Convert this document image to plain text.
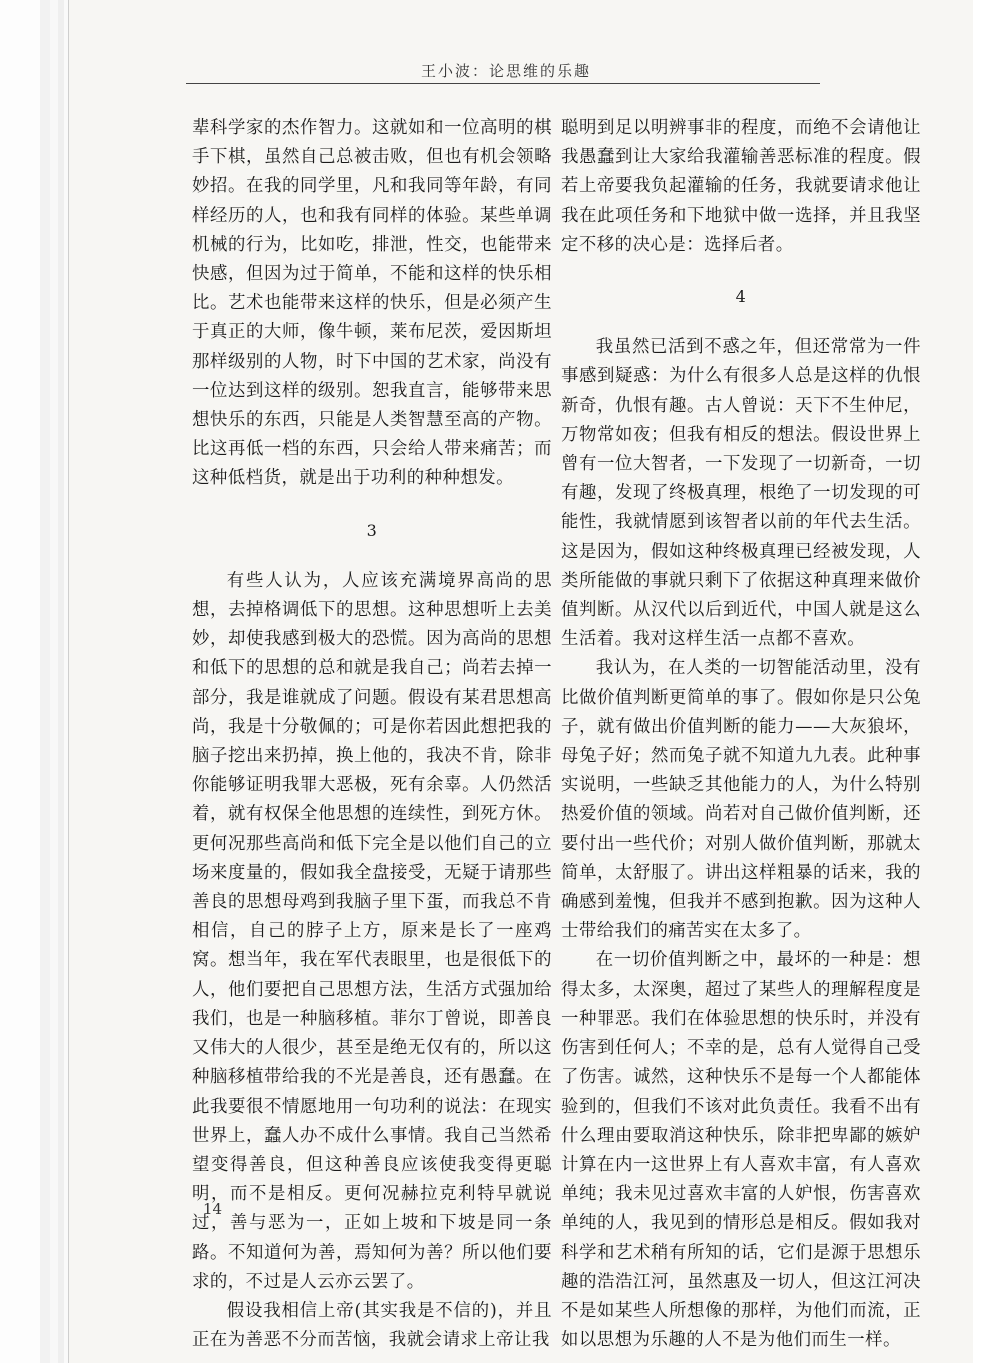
王小波：论思维的乐趣

辈科学家的杰作智力。这就如和一位高明的棋手下棋，虽然自己总被击败，但也有机会领略妙招。在我的同学里，凡和我同等年龄，有同样经历的人，也和我有同样的体验。某些单调机械的行为，比如吃，排泄，性交，也能带来快感，但因为过于简单，不能和这样的快乐相比。艺术也能带来这样的快乐，但是必须产生于真正的大师，像牛顿，莱布尼茨，爱因斯坦那样级别的人物，时下中国的艺术家，尚没有一位达到这样的级别。恕我直言，能够带来思想快乐的东西，只能是人类智慧至高的产物。比这再低一档的东西，只会给人带来痛苦；而这种低档货，就是出于功利的种种想发。

3

有些人认为，人应该充满境界高尚的思想，去掉格调低下的思想。这种思想听上去美妙，却使我感到极大的恐慌。因为高尚的思想和低下的思想的总和就是我自己；尚若去掉一部分，我是谁就成了问题。假设有某君思想高尚，我是十分敬佩的；可是你若因此想把我的脑子挖出来扔掉，换上他的，我决不肯，除非你能够证明我罪大恶极，死有余辜。人仍然活着，就有权保全他思想的连续性，到死方休。更何况那些高尚和低下完全是以他们自己的立场来度量的，假如我全盘接受，无疑于请那些善良的思想母鸡到我脑子里下蛋，而我总不肯相信，自己的脖子上方，原来是长了一座鸡窝。想当年，我在军代表眼里，也是很低下的人，他们要把自己思想方法，生活方式强加给我们，也是一种脑移植。菲尔丁曾说，即善良又伟大的人很少，甚至是绝无仅有的，所以这种脑移植带给我的不光是善良，还有愚蠢。在此我要很不情愿地用一句功利的说法：在现实世界上，蠢人办不成什么事情。我自己当然希望变得善良，但这种善良应该使我变得更聪明，而不是相反。更何况赫拉克利特早就说过，善与恶为一，正如上坡和下坡是同一条路。不知道何为善，焉知何为善？所以他们要求的，不过是人云亦云罢了。

假设我相信上帝(其实我是不信的)，并且正在为善恶不分而苦恼，我就会请求上帝让我

聪明到足以明辨事非的程度，而绝不会请他让我愚蠢到让大家给我灌输善恶标准的程度。假若上帝要我负起灌输的任务，我就要请求他让我在此项任务和下地狱中做一选择，并且我坚定不移的决心是：选择后者。

4

我虽然已活到不惑之年，但还常常为一件事感到疑惑：为什么有很多人总是这样的仇恨新奇，仇恨有趣。古人曾说：天下不生仲尼，万物常如夜；但我有相反的想法。假设世界上曾有一位大智者，一下发现了一切新奇，一切有趣，发现了终极真理，根绝了一切发现的可能性，我就情愿到该智者以前的年代去生活。这是因为，假如这种终极真理已经被发现，人类所能做的事就只剩下了依据这种真理来做价值判断。从汉代以后到近代，中国人就是这么生活着。我对这样生活一点都不喜欢。

我认为，在人类的一切智能活动里，没有比做价值判断更简单的事了。假如你是只公兔子，就有做出价值判断的能力——大灰狼坏，母兔子好；然而兔子就不知道九九表。此种事实说明，一些缺乏其他能力的人，为什么特别热爱价值的领域。尚若对自己做价值判断，还要付出一些代价；对别人做价值判断，那就太简单，太舒服了。讲出这样粗暴的话来，我的确感到羞愧，但我并不感到抱歉。因为这种人士带给我们的痛苦实在太多了。

在一切价值判断之中，最坏的一种是：想得太多，太深奥，超过了某些人的理解程度是一种罪恶。我们在体验思想的快乐时，并没有伤害到任何人；不幸的是，总有人觉得自己受了伤害。诚然，这种快乐不是每一个人都能体验到的，但我们不该对此负责任。我看不出有什么理由要取消这种快乐，除非把卑鄙的嫉妒计算在内一这世界上有人喜欢丰富，有人喜欢单纯；我未见过喜欢丰富的人妒恨，伤害喜欢单纯的人，我见到的情形总是相反。假如我对科学和艺术稍有所知的话，它们是源于思想乐趣的浩浩江河，虽然惠及一切人，但这江河决不是如某些人所想像的那样，为他们而流，正如以思想为乐趣的人不是为他们而生一样。

14
